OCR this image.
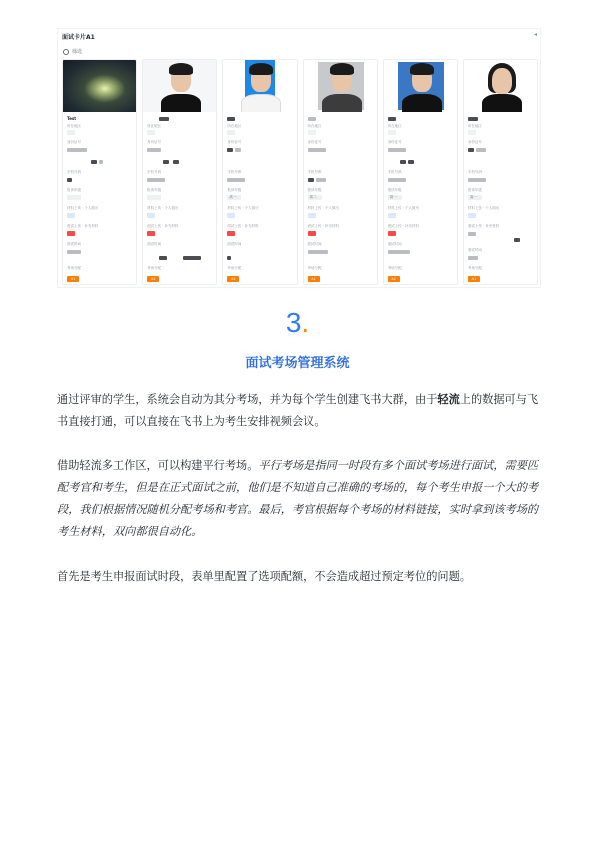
面试卡片A1	◂
筛选
Test
所在地区
身份证号
手机号码
报读年级
材料上传 · 个人简历
面试上传 · 补充材料
面试时间
考场分配
A1
所在地区
身份证号
手机号码
报读年级
材料上传 · 个人简历
面试上传 · 补充材料
面试时间
考场分配
A1
所在地区
身份证号
手机号码
报读年级
高一
材料上传 · 个人简历
面试上传 · 补充材料
面试时间
考场分配
A1
所在地区
身份证号
手机号码
报读年级
高二
材料上传 · 个人简历
面试上传 · 补充材料
面试时间
考场分配
A1
所在地区
身份证号
手机号码
报读年级
高一
材料上传 · 个人简历
面试上传 · 补充材料
面试时间
考场分配
A1
所在地区
身份证号
手机号码
报读年级
高一
材料上传 · 个人简历
面试上传 · 补充材料
面试时间
考场分配
A1
3.
面试考场管理系统

通过评审的学生，系统会自动为其分考场，并为每个学生创建飞书大群，由于轻流上的数据可与飞书直接打通，可以直接在飞书上为考生安排视频会议。

借助轻流多工作区，可以构建平行考场。平行考场是指同一时段有多个面试考场进行面试，需要匹配考官和考生，但是在正式面试之前，他们是不知道自己准确的考场的，每个考生申报一个大的考段，我们根据情况随机分配考场和考官。最后，考官根据每个考场的材料链接，实时拿到该考场的考生材料，双向都很自动化。

首先是考生申报面试时段，表单里配置了选项配额，不会造成超过预定考位的问题。
